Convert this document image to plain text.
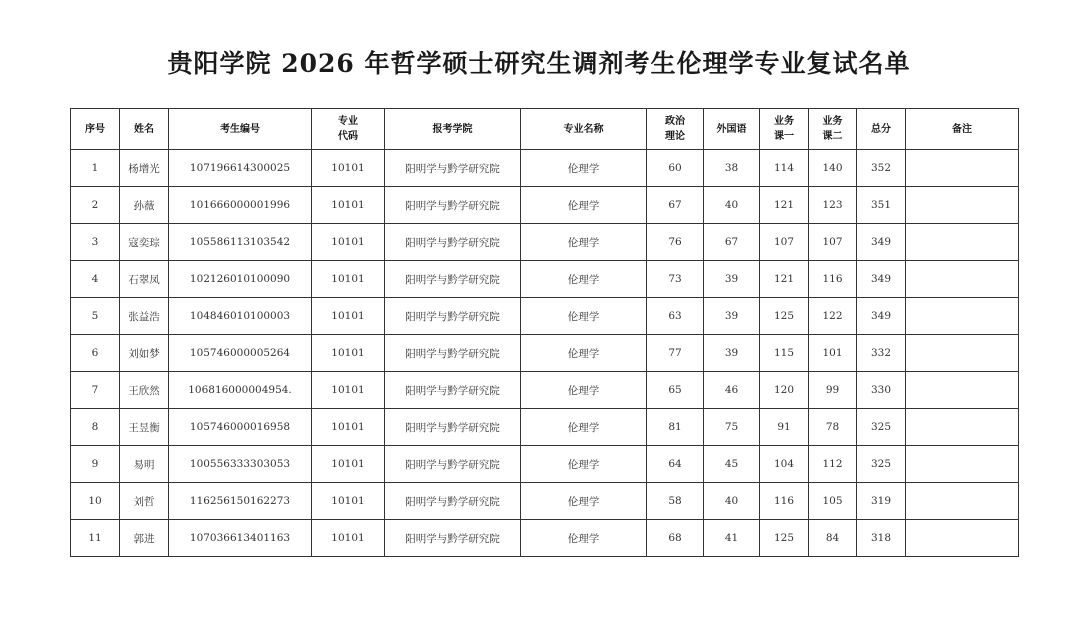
贵阳学院 2026 年哲学硕士研究生调剂考生伦理学专业复试名单
序号	姓名	考生编号	专业代码	报考学院	专业名称	政治理论	外国语	业务课一	业务课二	总分	备注
1	杨增光	107196614300025	10101	阳明学与黔学研究院	伦理学	60	38	114	140	352	
2	孙薇	101666000001996	10101	阳明学与黔学研究院	伦理学	67	40	121	123	351	
3	寇奕琮	105586113103542	10101	阳明学与黔学研究院	伦理学	76	67	107	107	349	
4	石翠凤	102126010100090	10101	阳明学与黔学研究院	伦理学	73	39	121	116	349	
5	张益浩	104846010100003	10101	阳明学与黔学研究院	伦理学	63	39	125	122	349	
6	刘如梦	105746000005264	10101	阳明学与黔学研究院	伦理学	77	39	115	101	332	
7	王欣然	106816000004954.	10101	阳明学与黔学研究院	伦理学	65	46	120	99	330	
8	王昱衡	105746000016958	10101	阳明学与黔学研究院	伦理学	81	75	91	78	325	
9	易明	100556333303053	10101	阳明学与黔学研究院	伦理学	64	45	104	112	325	
10	刘哲	116256150162273	10101	阳明学与黔学研究院	伦理学	58	40	116	105	319	
11	郭进	107036613401163	10101	阳明学与黔学研究院	伦理学	68	41	125	84	318	
